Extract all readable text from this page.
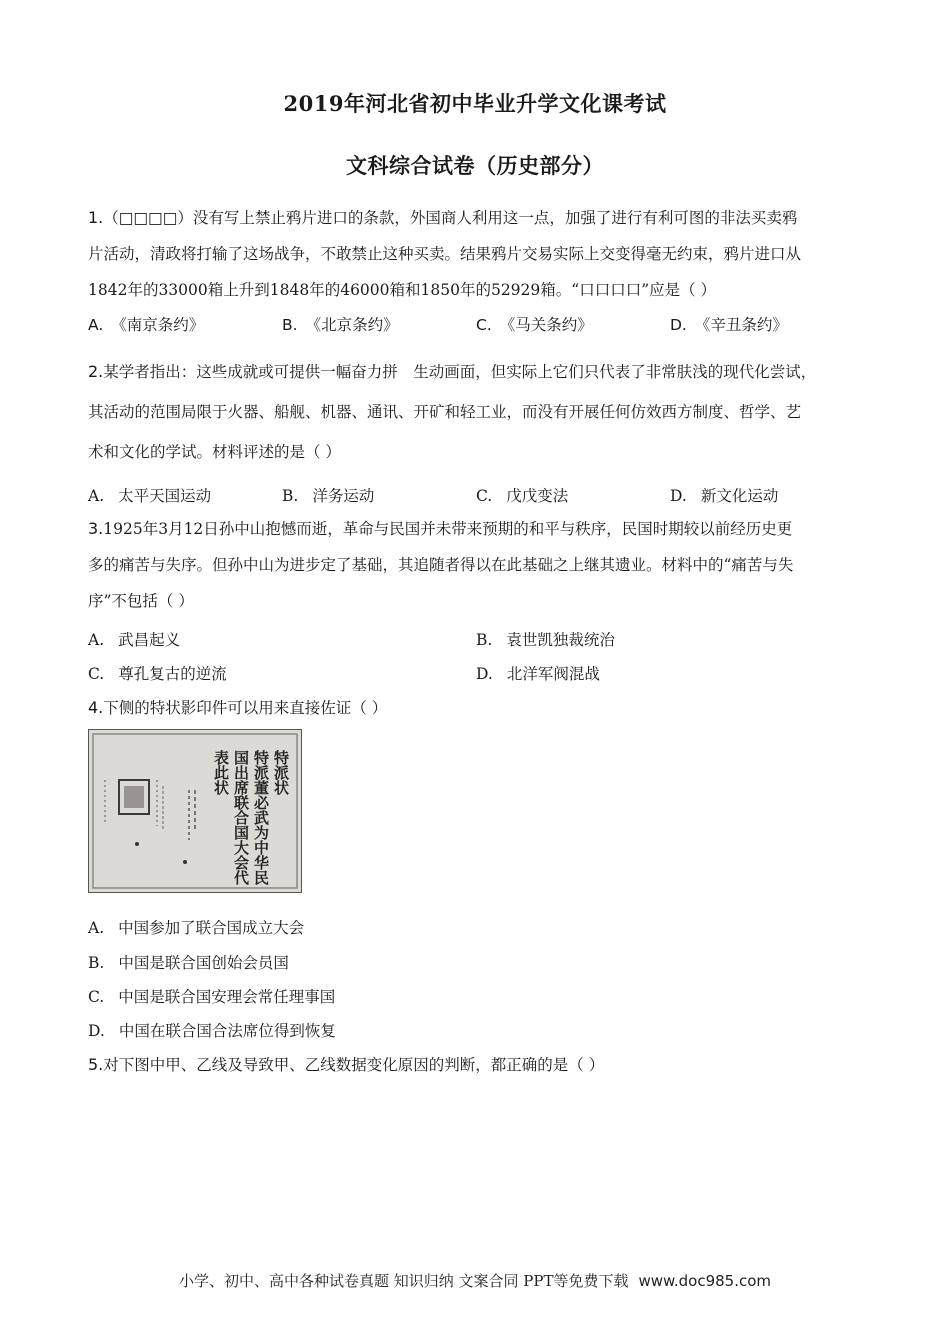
2019年河北省初中毕业升学文化课考试
文科综合试卷（历史部分）
1.（□□□□）没有写上禁止鸦片进口的条款，外国商人利用这一点，加强了进行有利可图的非法买卖鸦
片活动，清政将打输了这场战争，不敢禁止这种买卖。结果鸦片交易实际上交变得毫无约束，鸦片进口从
1842年的33000箱上升到1848年的46000箱和1850年的52929箱。“口口口口”应是（ ）
A. 《南京条约》	B. 《北京条约》	C. 《马关条约》	D. 《辛丑条约》
2.某学者指出：这些成就或可提供一幅奋力拼　生动画面，但实际上它们只代表了非常肤浅的现代化尝试，
其活动的范围局限于火器、船舰、机器、通讯、开矿和轻工业，而没有开展任何仿效西方制度、哲学、艺
术和文化的学试。材料评述的是（ ）
A. 太平天国运动	B. 洋务运动	C. 戊戊变法	D. 新文化运动
3.1925年3月12日孙中山抱憾而逝，革命与民国并未带来预期的和平与秩序，民国时期较以前经历史更
多的痛苦与失序。但孙中山为进步定了基础，其追随者得以在此基础之上继其遗业。材料中的“痛苦与失
序”不包括（ ）
A. 武昌起义	B. 袁世凯独裁统治
C. 尊孔复古的逆流	D. 北洋军阀混战
4.下侧的特状影印件可以用来直接佐证（ ）
特派状
特派董必武为中华民
国出席联合国大会代
表此状
A. 中国参加了联合国成立大会
B. 中国是联合国创始会员国
C. 中国是联合国安理会常任理事国
D. 中国在联合国合法席位得到恢复
5.对下图中甲、乙线及导致甲、乙线数据变化原因的判断，都正确的是（ ）
小学、初中、高中各种试卷真题 知识归纳 文案合同 PPT等免费下载 www.doc985.com
